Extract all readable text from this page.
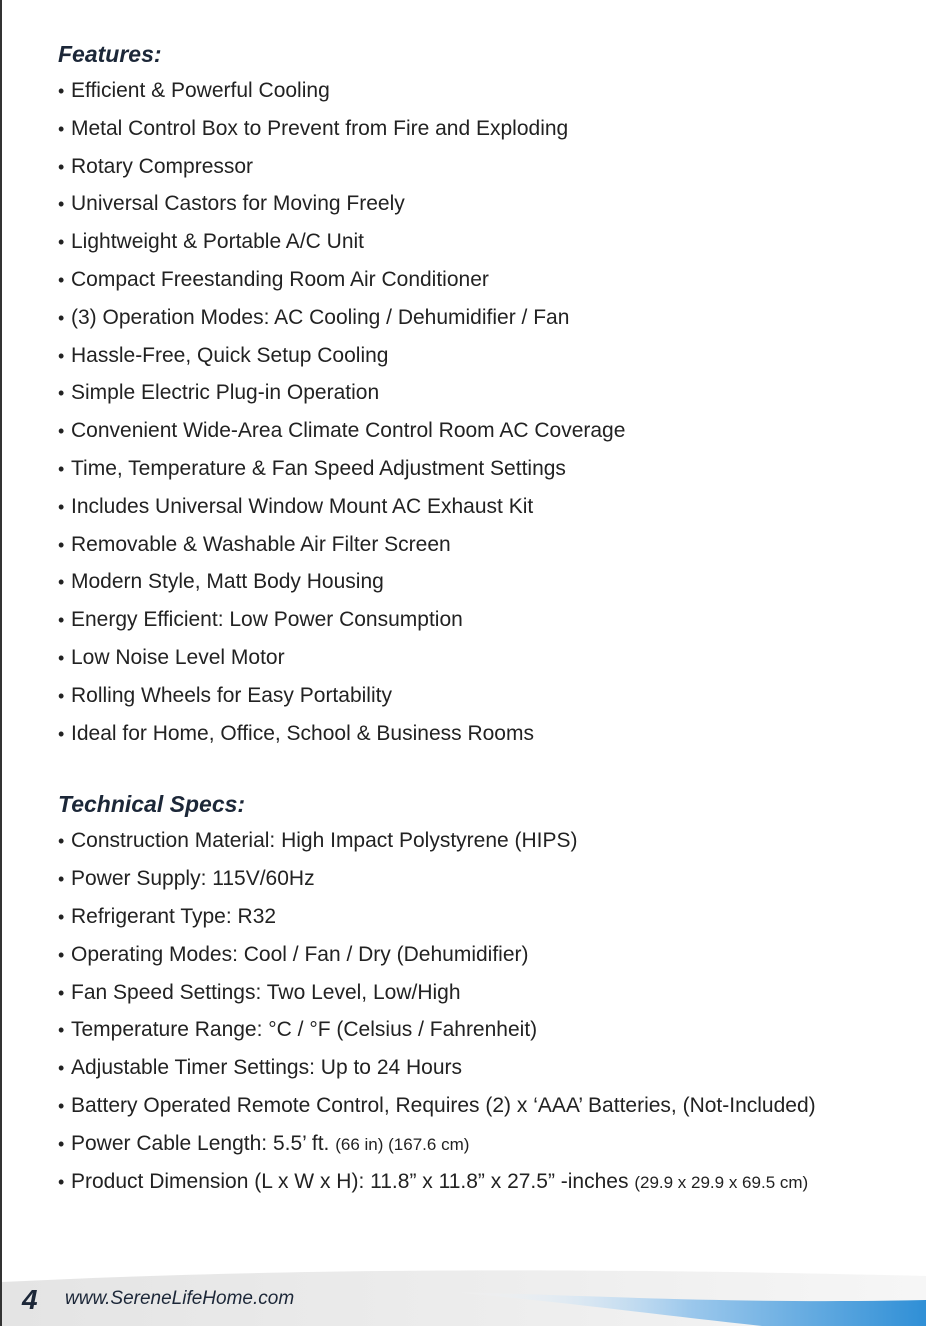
Features:
• Efficient & Powerful Cooling
• Metal Control Box to Prevent from Fire and Exploding
• Rotary Compressor
• Universal Castors for Moving Freely
• Lightweight & Portable A/C Unit
• Compact Freestanding Room Air Conditioner
• (3) Operation Modes: AC Cooling / Dehumidifier / Fan
• Hassle-Free, Quick Setup Cooling
• Simple Electric Plug-in Operation
• Convenient Wide-Area Climate Control Room AC Coverage
• Time, Temperature & Fan Speed Adjustment Settings
• Includes Universal Window Mount AC Exhaust Kit
• Removable & Washable Air Filter Screen
• Modern Style, Matt Body Housing
• Energy Efficient: Low Power Consumption
• Low Noise Level Motor
• Rolling Wheels for Easy Portability
• Ideal for Home, Office, School & Business Rooms
Technical Specs:
• Construction Material: High Impact Polystyrene (HIPS)
• Power Supply: 115V/60Hz
• Refrigerant Type: R32
• Operating Modes: Cool / Fan / Dry (Dehumidifier)
• Fan Speed Settings: Two Level, Low/High
• Temperature Range: °C / °F (Celsius / Fahrenheit)
• Adjustable Timer Settings: Up to 24 Hours
• Battery Operated Remote Control, Requires (2) x ‘AAA’ Batteries, (Not-Included)
• Power Cable Length: 5.5’ ft. (66 in) (167.6 cm)
• Product Dimension (L x W x H): 11.8” x 11.8” x 27.5” -inches (29.9 x 29.9 x 69.5 cm)
4 www.SereneLifeHome.com
